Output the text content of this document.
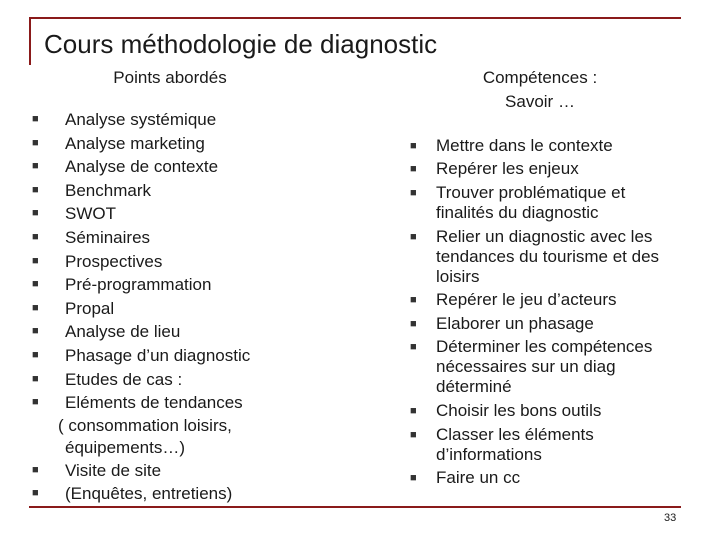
Cours méthodologie de diagnostic
Points abordés	Compétences :
Savoir …
■ Analyse systémique
■ Analyse marketing
■ Analyse de contexte
■ Benchmark
■ SWOT
■ Séminaires
■ Prospectives
■ Pré-programmation
■ Propal
■ Analyse de lieu
■ Phasage d’un diagnostic
■ Etudes de cas :
■ Eléments de tendances
( consommation loisirs,
équipements…)
■ Visite de site
■ (Enquêtes, entretiens)
■ Mettre dans le contexte
■ Repérer les enjeux
■ Trouver problématique et finalités du diagnostic
■ Relier un diagnostic avec les tendances du tourisme et des loisirs
■ Repérer le jeu d’acteurs
■ Elaborer un phasage
■ Déterminer les compétences nécessaires sur un diag déterminé
■ Choisir les bons outils
■ Classer les éléments d’informations
■ Faire un cc
33
